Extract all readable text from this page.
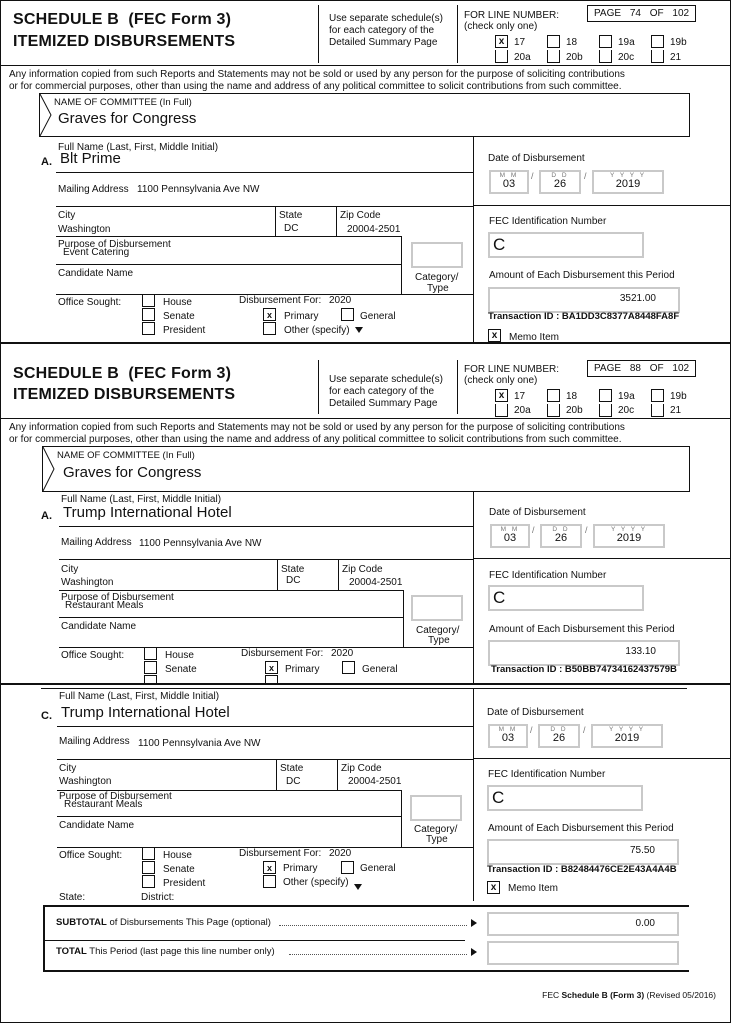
SCHEDULE B (FEC Form 3)
ITEMIZED DISBURSEMENTS
Use separate schedule(s)
for each category of the
Detailed Summary Page
FOR LINE NUMBER:
(check only one)
PAGE 74 OF 102
x 17	18	19a	19b
20a	20b	20c	21
Any information copied from such Reports and Statements may not be sold or used by any person for the purpose of soliciting contributions
or for commercial purposes, other than using the name and address of any political committee to solicit contributions from such committee.
NAME OF COMMITTEE (In Full)
Graves for Congress
Full Name (Last, First, Middle Initial)
A. Blt Prime
Mailing Address 1100 Pennsylvania Ave NW
City
Washington
State
DC
Zip Code
20004-2501
Purpose of Disbursement
Event Catering
Candidate Name	Category/
Type
Office Sought:	House
Senate
President
Disbursement For: 2020
x	Primary	General
Other (specify)
Date of Disbursement
M M
03
/	D D
26
/	Y Y Y Y
2019
FEC Identification Number
C
Amount of Each Disbursement this Period
3521.00
Transaction ID : BA1DD3C8377A8448FA8F
x	Memo Item
SCHEDULE B (FEC Form 3)
ITEMIZED DISBURSEMENTS
Use separate schedule(s)
for each category of the
Detailed Summary Page
FOR LINE NUMBER:
(check only one)
PAGE 88 OF 102
x 17	18	19a	19b
20a	20b	20c	21
Any information copied from such Reports and Statements may not be sold or used by any person for the purpose of soliciting contributions
or for commercial purposes, other than using the name and address of any political committee to solicit contributions from such committee.
NAME OF COMMITTEE (In Full)
Graves for Congress
Full Name (Last, First, Middle Initial)
A. Trump International Hotel
Mailing Address 1100 Pennsylvania Ave NW
City
Washington
State
DC
Zip Code
20004-2501
Purpose of Disbursement
Restaurant Meals
Candidate Name	Category/
Type
Office Sought:	House
Senate
Disbursement For: 2020
x	Primary	General
Date of Disbursement
M M
03
/	D D
26
/	Y Y Y Y
2019
FEC Identification Number
C
Amount of Each Disbursement this Period
133.10
Transaction ID : B50BB74734162437579B
Full Name (Last, First, Middle Initial)
C. Trump International Hotel
Mailing Address 1100 Pennsylvania Ave NW
City
Washington
State
DC
Zip Code
20004-2501
Purpose of Disbursement
Restaurant Meals
Candidate Name	Category/
Type
Office Sought:	House
Senate
President
Disbursement For: 2020
x	Primary	General
Other (specify)
State:	District:
Date of Disbursement
M M
03
/	D D
26
/	Y Y Y Y
2019
FEC Identification Number
C
Amount of Each Disbursement this Period
75.50
Transaction ID : B82484476CE2E43A4A4B
x	Memo Item
SUBTOTAL of Disbursements This Page (optional)	0.00
TOTAL This Period (last page this line number only)
FEC Schedule B (Form 3) (Revised 05/2016)
